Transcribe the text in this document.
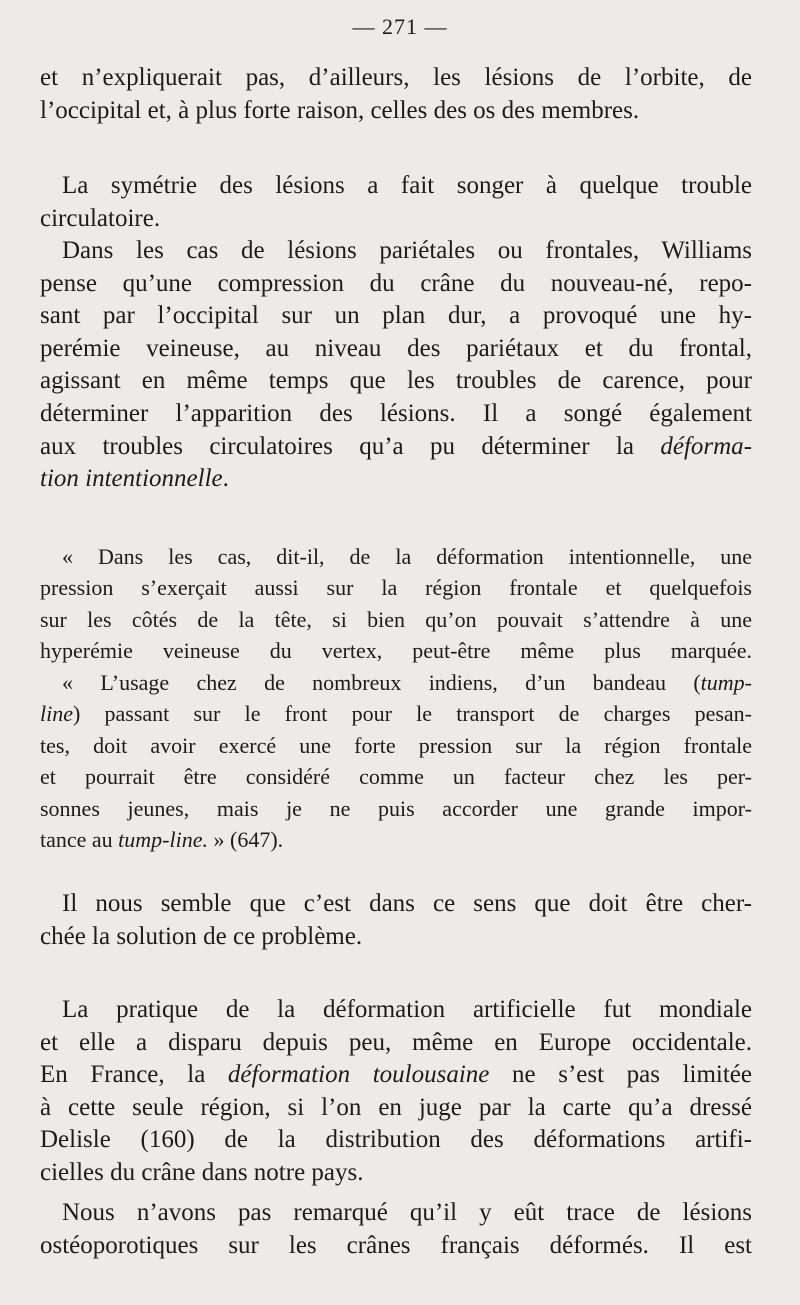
— 271 —
et n’expliquerait pas, d’ailleurs, les lésions de l’orbite, de
l’occipital et, à plus forte raison, celles des os des membres.
La symétrie des lésions a fait songer à quelque trouble
circulatoire.
Dans les cas de lésions pariétales ou frontales, Williams
pense qu’une compression du crâne du nouveau-né, repo-
sant par l’occipital sur un plan dur, a provoqué une hy-
perémie veineuse, au niveau des pariétaux et du frontal,
agissant en même temps que les troubles de carence, pour
déterminer l’apparition des lésions. Il a songé également
aux troubles circulatoires qu’a pu déterminer la déforma-
tion intentionnelle.
« Dans les cas, dit-il, de la déformation intentionnelle, une
pression s’exerçait aussi sur la région frontale et quelquefois
sur les côtés de la tête, si bien qu’on pouvait s’attendre à une
hyperémie veineuse du vertex, peut-être même plus marquée.
« L’usage chez de nombreux indiens, d’un bandeau (tump-
line) passant sur le front pour le transport de charges pesan-
tes, doit avoir exercé une forte pression sur la région frontale
et pourrait être considéré comme un facteur chez les per-
sonnes jeunes, mais je ne puis accorder une grande impor-
tance au tump-line. » (647).
Il nous semble que c’est dans ce sens que doit être cher-
chée la solution de ce problème.
La pratique de la déformation artificielle fut mondiale
et elle a disparu depuis peu, même en Europe occidentale.
En France, la déformation toulousaine ne s’est pas limitée
à cette seule région, si l’on en juge par la carte qu’a dressé
Delisle (160) de la distribution des déformations artifi-
cielles du crâne dans notre pays.
Nous n’avons pas remarqué qu’il y eût trace de lésions
ostéoporotiques sur les crânes français déformés. Il est
